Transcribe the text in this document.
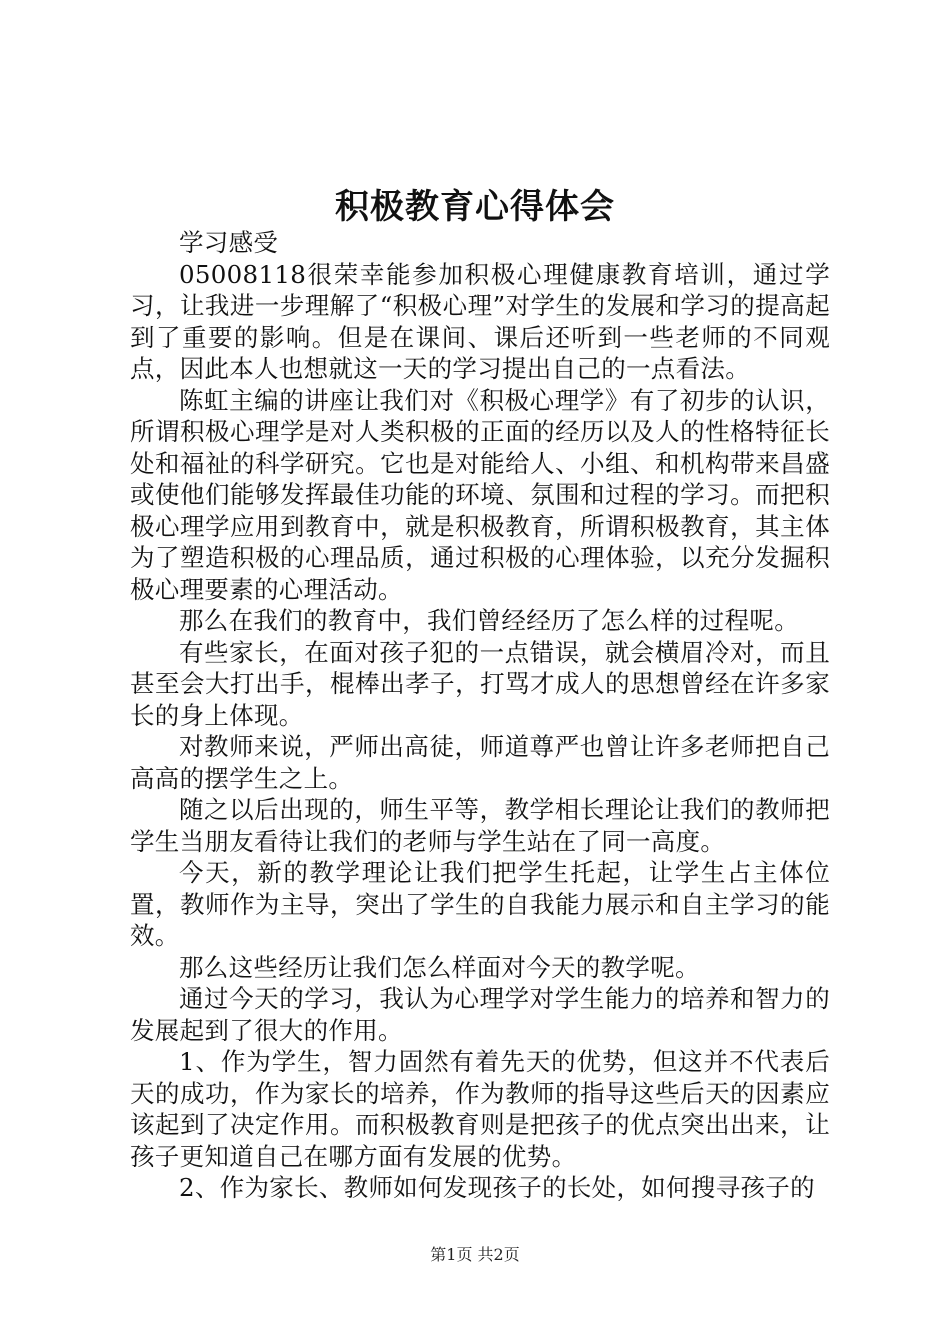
积极教育心得体会

学习感受

05008118很荣幸能参加积极心理健康教育培训，通过学习，让我进一步理解了“积极心理”对学生的发展和学习的提高起到了重要的影响。但是在课间、课后还听到一些老师的不同观点，因此本人也想就这一天的学习提出自己的一点看法。

陈虹主编的讲座让我们对《积极心理学》有了初步的认识，所谓积极心理学是对人类积极的正面的经历以及人的性格特征长处和福祉的科学研究。它也是对能给人、小组、和机构带来昌盛或使他们能够发挥最佳功能的环境、氛围和过程的学习。而把积极心理学应用到教育中，就是积极教育，所谓积极教育，其主体为了塑造积极的心理品质，通过积极的心理体验，以充分发掘积极心理要素的心理活动。

那么在我们的教育中，我们曾经经历了怎么样的过程呢。

有些家长，在面对孩子犯的一点错误，就会横眉冷对，而且甚至会大打出手，棍棒出孝子，打骂才成人的思想曾经在许多家长的身上体现。

对教师来说，严师出高徒，师道尊严也曾让许多老师把自己高高的摆学生之上。

随之以后出现的，师生平等，教学相长理论让我们的教师把学生当朋友看待让我们的老师与学生站在了同一高度。

今天，新的教学理论让我们把学生托起，让学生占主体位置，教师作为主导，突出了学生的自我能力展示和自主学习的能效。

那么这些经历让我们怎么样面对今天的教学呢。

通过今天的学习，我认为心理学对学生能力的培养和智力的发展起到了很大的作用。

1、作为学生，智力固然有着先天的优势，但这并不代表后天的成功，作为家长的培养，作为教师的指导这些后天的因素应该起到了决定作用。而积极教育则是把孩子的优点突出出来，让孩子更知道自己在哪方面有发展的优势。

2、作为家长、教师如何发现孩子的长处，如何搜寻孩子的

第1页 共2页
